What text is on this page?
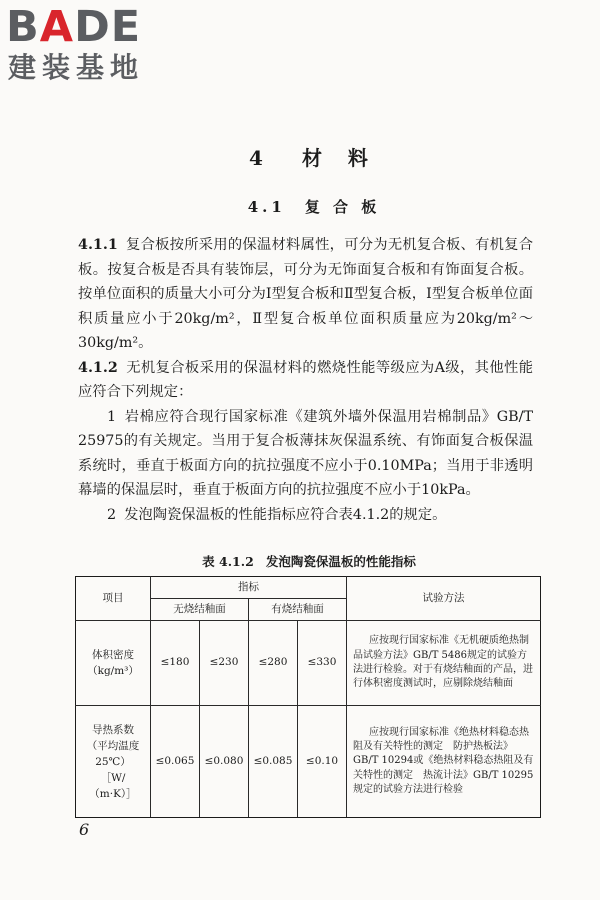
BADE
建装基地
4 材　料
4.1　 复 合 板

4.1.1 复合板按所采用的保温材料属性，可分为无机复合板、有机复合板。按复合板是否具有装饰层，可分为无饰面复合板和有饰面复合板。按单位面积的质量大小可分为Ⅰ型复合板和Ⅱ型复合板，Ⅰ型复合板单位面积质量应小于20kg/m²，Ⅱ型复合板单位面积质量应为20kg/m²～30kg/m²。

4.1.2 无机复合板采用的保温材料的燃烧性能等级应为A级，其他性能应符合下列规定：

1 岩棉应符合现行国家标准《建筑外墙外保温用岩棉制品》GB/T 25975的有关规定。当用于复合板薄抹灰保温系统、有饰面复合板保温系统时，垂直于板面方向的抗拉强度不应小于0.10MPa；当用于非透明幕墙的保温层时，垂直于板面方向的抗拉强度不应小于10kPa。

2 发泡陶瓷保温板的性能指标应符合表4.1.2的规定。

表 4.1.2 发泡陶瓷保温板的性能指标
项目	指标				试验方法
	无烧结釉面		有烧结釉面		

体积密度
（kg/m³）	≤180	≤230	≤280	≤330	应按现行国家标准《无机硬质绝热制品试验方法》GB/T 5486规定的试验方法进行检验。对于有烧结釉面的产品，进行体积密度测试时，应剔除烧结釉面

导热系数
（平均温度
25℃）
［W/
（m·K）］	≤0.065	≤0.080	≤0.085	≤0.10	应按现行国家标准《绝热材料稳态热阻及有关特性的测定　防护热板法》GB/T 10294或《绝热材料稳态热阻及有关特性的测定　热流计法》GB/T 10295规定的试验方法进行检验
6
